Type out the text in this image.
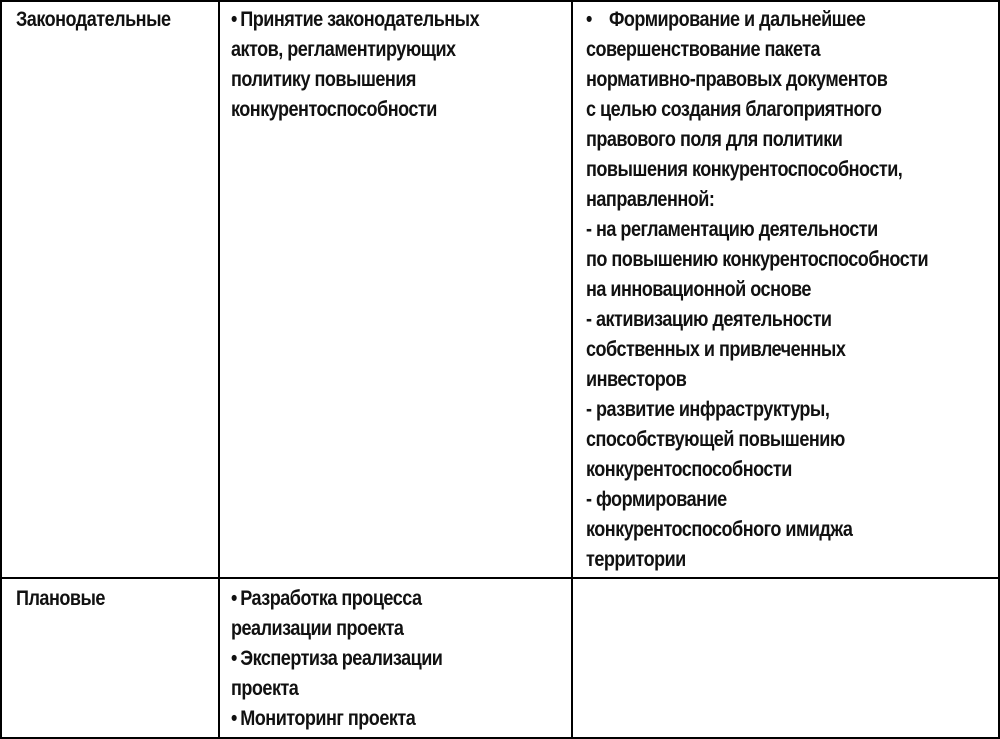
Законодательные	• Принятие законодательных
актов, регламентирующих
политику повышения
конкурентоспособности
• Формирование и дальнейшее
совершенствование пакета
нормативно-правовых документов
с целью создания благоприятного
правового поля для политики
повышения конкурентоспособности,
направленной:
- на регламентацию деятельности
по повышению конкурентоспособности
на инновационной основе
- активизацию деятельности
собственных и привлеченных
инвесторов
- развитие инфраструктуры,
способствующей повышению
конкурентоспособности
- формирование
конкурентоспособного имиджа
территории
Плановые	• Разработка процесса
реализации проекта
• Экспертиза реализации
проекта
• Мониторинг проекта
